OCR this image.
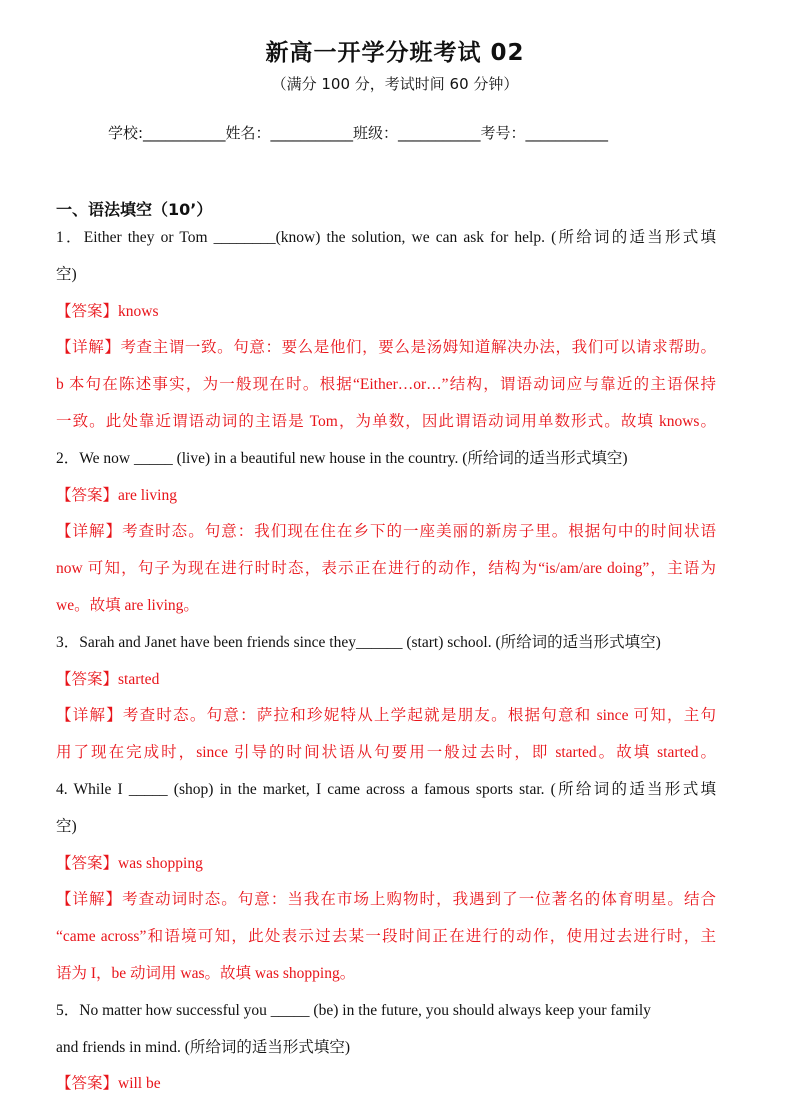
新高一开学分班考试 02
（满分 100 分，考试时间 60 分钟）
学校:___________姓名：___________班级：___________考号：___________
一、语法填空（10’）
1．Either they or Tom ________(know) the solution, we can ask for help. (所给词的适当形式填
空)
【答案】knows
【详解】考查主谓一致。句意：要么是他们，要么是汤姆知道解决办法，我们可以请求帮助。
b 本句在陈述事实，为一般现在时。根据“Either…or…”结构，谓语动词应与靠近的主语保持
一致。此处靠近谓语动词的主语是 Tom，为单数，因此谓语动词用单数形式。故填 knows。
2．We now _____ (live) in a beautiful new house in the country. (所给词的适当形式填空)
【答案】are living
【详解】考查时态。句意：我们现在住在乡下的一座美丽的新房子里。根据句中的时间状语
now 可知，句子为现在进行时时态，表示正在进行的动作，结构为“is/am/are doing”，主语为
we。故填 are living。
3．Sarah and Janet have been friends since they______ (start) school. (所给词的适当形式填空)
【答案】started
【详解】考查时态。句意：萨拉和珍妮特从上学起就是朋友。根据句意和 since 可知，主句
用了现在完成时，since 引导的时间状语从句要用一般过去时，即 started。故填 started。
4. While I _____ (shop) in the market, I came across a famous sports star. (所给词的适当形式填
空)
【答案】was shopping
【详解】考查动词时态。句意：当我在市场上购物时，我遇到了一位著名的体育明星。结合
“came across”和语境可知，此处表示过去某一段时间正在进行的动作，使用过去进行时，主
语为 I，be 动词用 was。故填 was shopping。
5．No matter how successful you _____ (be) in the future, you should always keep your family
and friends in mind. (所给词的适当形式填空)
【答案】will be
